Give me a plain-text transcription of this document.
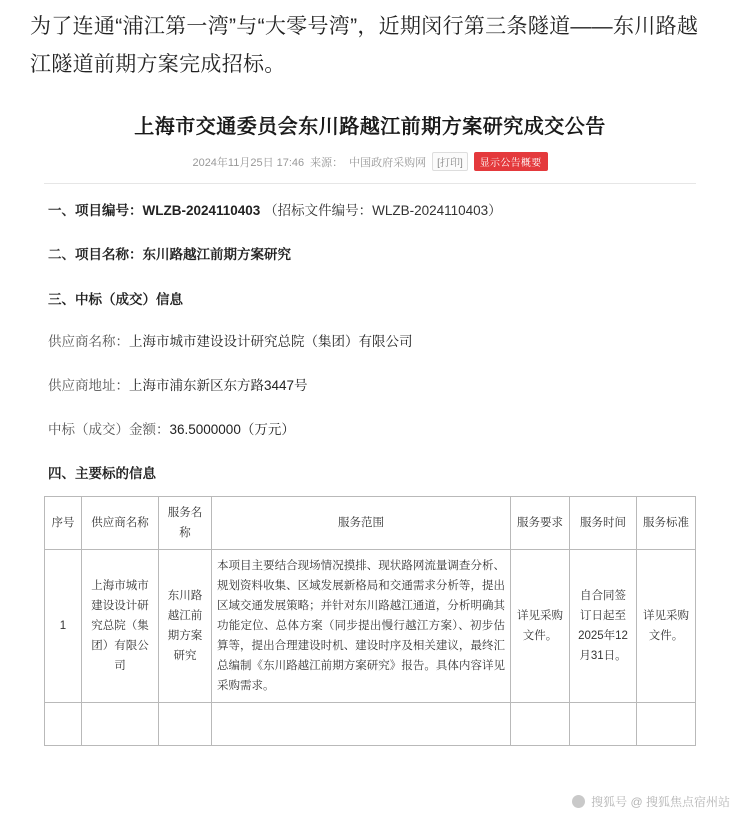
为了连通“浦江第一湾”与“大零号湾”，近期闵行第三条隧道——东川路越江隧道前期方案完成招标。
上海市交通委员会东川路越江前期方案研究成交公告
2024年11月25日 17:46 来源： 中国政府采购网	[打印]	显示公告概要
一、项目编号：WLZB-2024110403 （招标文件编号：WLZB-2024110403）
二、项目名称：东川路越江前期方案研究
三、中标（成交）信息
供应商名称：上海市城市建设设计研究总院（集团）有限公司
供应商地址：上海市浦东新区东方路3447号
中标（成交）金额：36.5000000（万元）
四、主要标的信息
序号	供应商名称	服务名称	服务范围	服务要求	服务时间	服务标准
1	上海市城市建设设计研究总院（集团）有限公司	东川路越江前期方案研究	本项目主要结合现场情况摸排、现状路网流量调查分析、规划资料收集、区域发展新格局和交通需求分析等，提出区域交通发展策略；并针对东川路越江通道，分析明确其功能定位、总体方案（同步提出慢行越江方案）、初步估算等，提出合理建设时机、建设时序及相关建议，最终汇总编制《东川路越江前期方案研究》报告。具体内容详见采购需求。	详见采购文件。	自合同签订日起至2025年12月31日。	详见采购文件。

搜狐号 @ 搜狐焦点宿州站
